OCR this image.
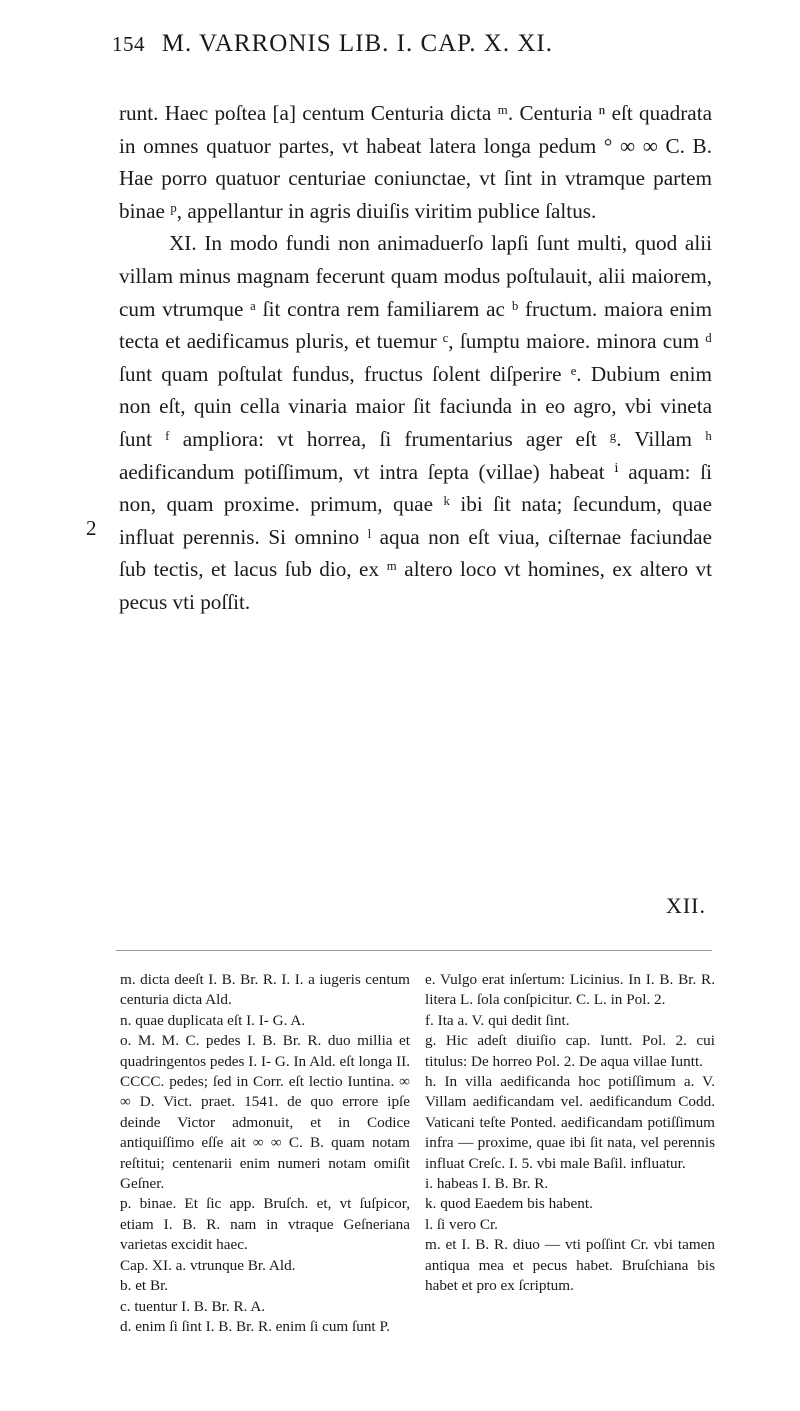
154 M. VARRONIS LIB. I. CAP. X. XI.

runt. Haec poſtea [a] centum Centuria dicta ᵐ. Centuria ⁿ eſt quadrata in omnes quatuor partes, vt habeat latera longa pedum ° ∞ ∞ C. B. Hae porro quatuor centuriae coniunctae, vt ſint in vtramque partem binae ᵖ, appellantur in agris diuiſis viritim publice ſaltus.

XI. In modo fundi non animaduerſo lapſi ſunt multi, quod alii villam minus magnam fecerunt quam modus poſtulauit, alii maiorem, cum vtrumque ᵃ ſit contra rem familiarem ac ᵇ fructum. maiora enim tecta et aedificamus pluris, et tuemur ᶜ, ſumptu maiore. minora cum ᵈ ſunt quam poſtulat fundus, fructus ſolent diſperire ᵉ. Dubium enim non eſt, quin cella vinaria maior ſit faciunda in eo agro, vbi vineta ſunt ᶠ ampliora: vt horrea, ſi frumentarius ager eſt ᵍ. Villam ʰ aedificandum potiſſimum, vt intra ſepta (villae) habeat ⁱ aquam: ſi non, quam proxime. primum, quae ᵏ ibi ſit nata; ſecundum, quae influat perennis. Si omnino ˡ aqua non eſt viua, ciſternae faciundae ſub tectis, et lacus ſub dio, ex ᵐ altero loco vt homines, ex altero vt pecus vti poſſit.

2
XII.

m. dicta deeſt I. B. Br. R. I. I. a iugeris centum centuria dicta Ald.

n. quae duplicata eſt I. I- G. A.

o. M. M. C. pedes I. B. Br. R. duo millia et quadringentos pedes I. I- G. In Ald. eſt longa II. CCCC. pedes; ſed in Corr. eſt lectio Iuntina. ∞ ∞ D. Vict. praet. 1541. de quo errore ipſe deinde Victor admonuit, et in Codice antiquiſſimo eſſe ait ∞ ∞ C. B. quam notam reſtitui; centenarii enim numeri notam omiſit Geſner.

p. binae. Et ſic app. Bruſch. et, vt ſuſpicor, etiam I. B. R. nam in vtraque Geſneriana varietas excidit haec.

Cap. XI. a. vtrunque Br. Ald.

b. et Br.

c. tuentur I. B. Br. R. A.

d. enim ſi ſint I. B. Br. R. enim ſi cum ſunt P.

e. Vulgo erat inſertum: Licinius. In I. B. Br. R. litera L. ſola conſpicitur. C. L. in Pol. 2.

f. Ita a. V. qui dedit ſint.

g. Hic adeſt diuiſio cap. Iuntt. Pol. 2. cui titulus: De horreo Pol. 2. De aqua villae Iuntt.

h. In villa aedificanda hoc potiſſimum a. V. Villam aedificandam vel. aedificandum Codd. Vaticani teſte Ponted. aedificandam potiſſimum infra — proxime, quae ibi ſit nata, vel perennis influat Creſc. I. 5. vbi male Baſil. influatur.

i. habeas I. B. Br. R.

k. quod Eaedem bis habent.

l. ſi vero Cr.

m. et I. B. R. diuo — vti poſſint Cr. vbi tamen antiqua mea et pecus habet. Bruſchiana bis habet et pro ex ſcriptum.
